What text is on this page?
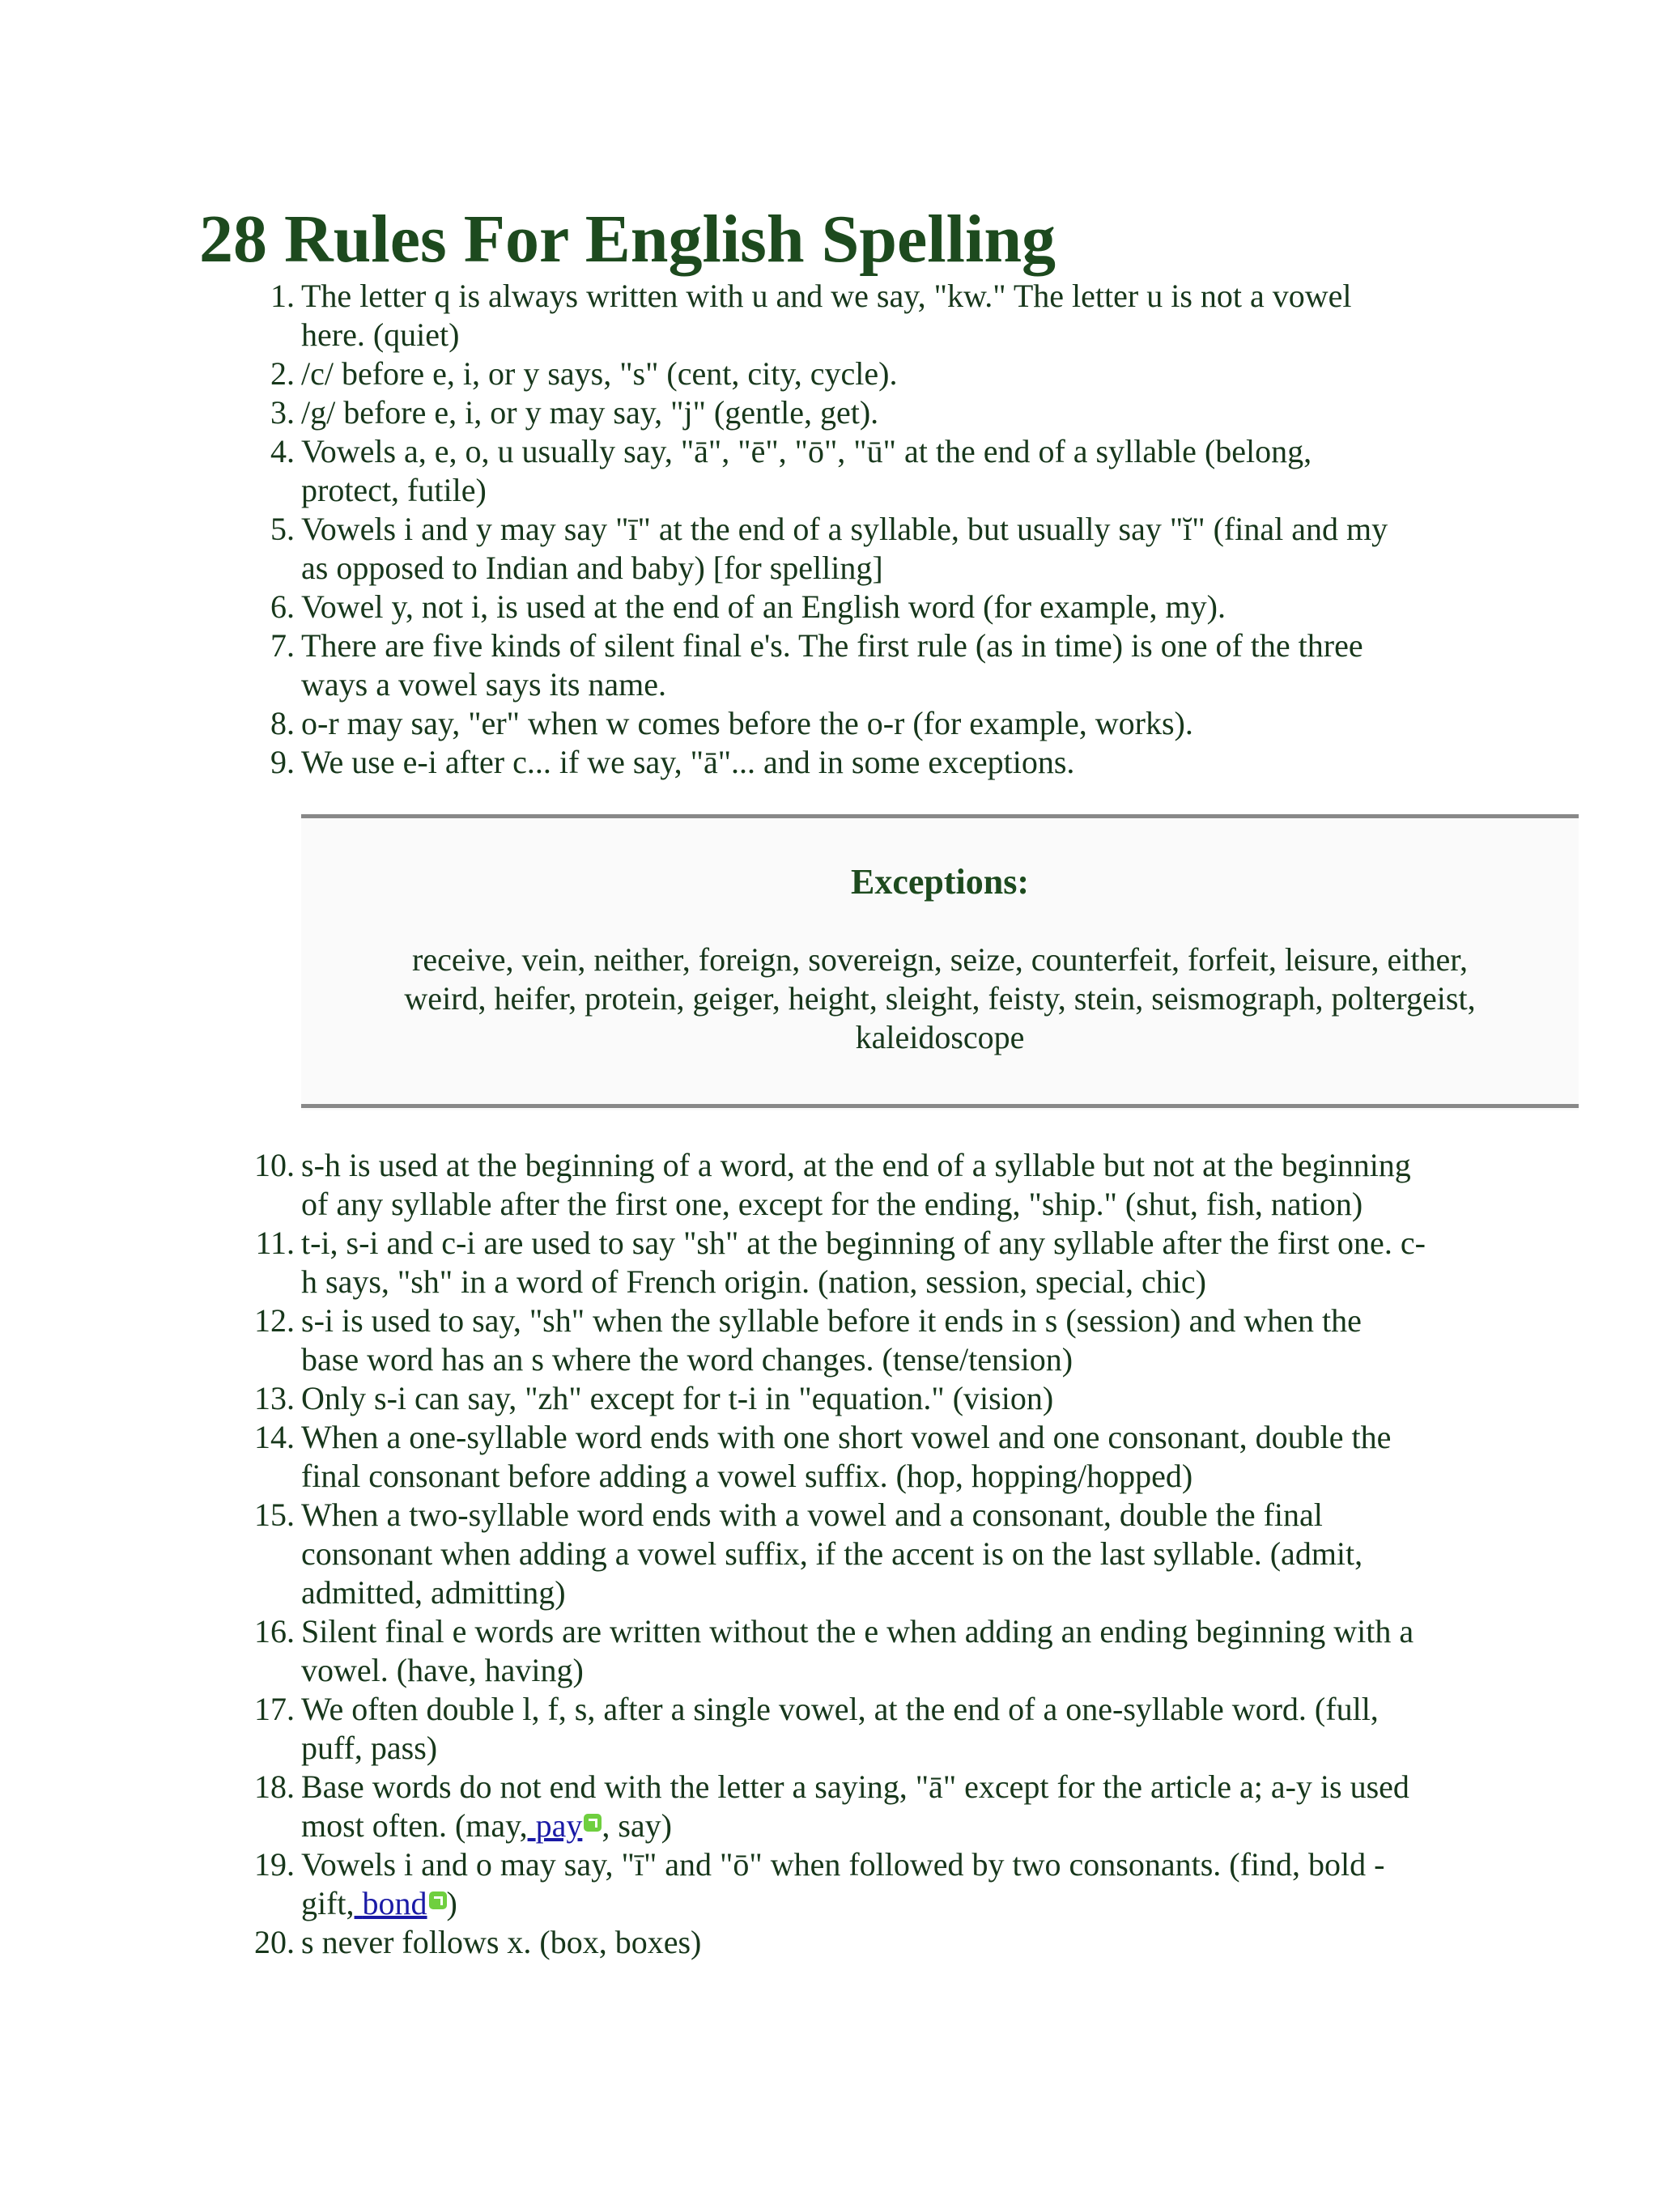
28 Rules For English Spelling
1. The letter q is always written with u and we say, "kw." The letter u is not a vowel
here. (quiet)
2. /c/ before e, i, or y says, "s" (cent, city, cycle).
3. /g/ before e, i, or y may say, "j" (gentle, get).
4. Vowels a, e, o, u usually say, "ā", "ē", "ō", "ū" at the end of a syllable (belong,
protect, futile)
5. Vowels i and y may say "ī" at the end of a syllable, but usually say "ĭ" (final and my
as opposed to Indian and baby) [for spelling]
6. Vowel y, not i, is used at the end of an English word (for example, my).
7. There are five kinds of silent final e's. The first rule (as in time) is one of the three
ways a vowel says its name.
8. o-r may say, "er" when w comes before the o-r (for example, works).
9. We use e-i after c... if we say, "ā"... and in some exceptions.
Exceptions:
receive, vein, neither, foreign, sovereign, seize, counterfeit, forfeit, leisure, either,
weird, heifer, protein, geiger, height, sleight, feisty, stein, seismograph, poltergeist,
kaleidoscope
10. s-h is used at the beginning of a word, at the end of a syllable but not at the beginning
of any syllable after the first one, except for the ending, "ship." (shut, fish, nation)
11. t-i, s-i and c-i are used to say "sh" at the beginning of any syllable after the first one. c-
h says, "sh" in a word of French origin. (nation, session, special, chic)
12. s-i is used to say, "sh" when the syllable before it ends in s (session) and when the
base word has an s where the word changes. (tense/tension)
13. Only s-i can say, "zh" except for t-i in "equation." (vision)
14. When a one-syllable word ends with one short vowel and one consonant, double the
final consonant before adding a vowel suffix. (hop, hopping/hopped)
15. When a two-syllable word ends with a vowel and a consonant, double the final
consonant when adding a vowel suffix, if the accent is on the last syllable. (admit,
admitted, admitting)
16. Silent final e words are written without the e when adding an ending beginning with a
vowel. (have, having)
17. We often double l, f, s, after a single vowel, at the end of a one-syllable word. (full,
puff, pass)
18. Base words do not end with the letter a saying, "ā" except for the article a; a-y is used
most often. (may, pay , say)
19. Vowels i and o may say, "ī" and "ō" when followed by two consonants. (find, bold -
gift, bond )
20. s never follows x. (box, boxes)
